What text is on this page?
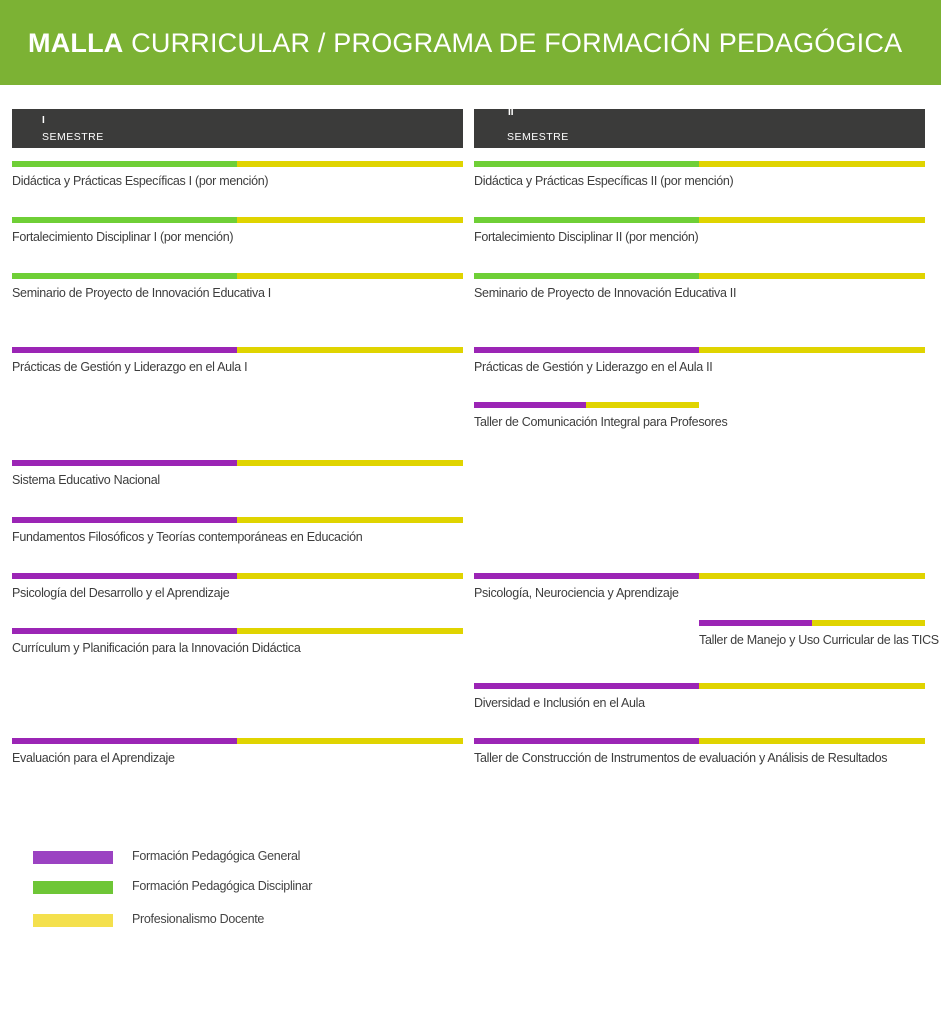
MALLA CURRICULAR / PROGRAMA DE FORMACIÓN PEDAGÓGICA
I
SEMESTRE
II
SEMESTRE
Didáctica y Prácticas Específicas I (por mención)
Fortalecimiento Disciplinar I (por mención)
Seminario de Proyecto de Innovación Educativa I
Prácticas de Gestión y Liderazgo en el Aula I
Sistema Educativo Nacional
Fundamentos Filosóficos y Teorías contemporáneas en Educación
Psicología del Desarrollo y el Aprendizaje
Currículum y Planificación para la Innovación Didáctica
Evaluación para el Aprendizaje
Didáctica y Prácticas Específicas II (por mención)
Fortalecimiento Disciplinar II (por mención)
Seminario de Proyecto de Innovación Educativa II
Prácticas de Gestión y Liderazgo en el Aula II
Taller de Comunicación Integral para Profesores
Psicología, Neurociencia y Aprendizaje
Taller de Manejo y Uso Curricular de las TICS
Diversidad e Inclusión en el Aula
Taller de Construcción de Instrumentos de evaluación y Análisis de Resultados
Formación Pedagógica General
Formación Pedagógica Disciplinar
Profesionalismo Docente
